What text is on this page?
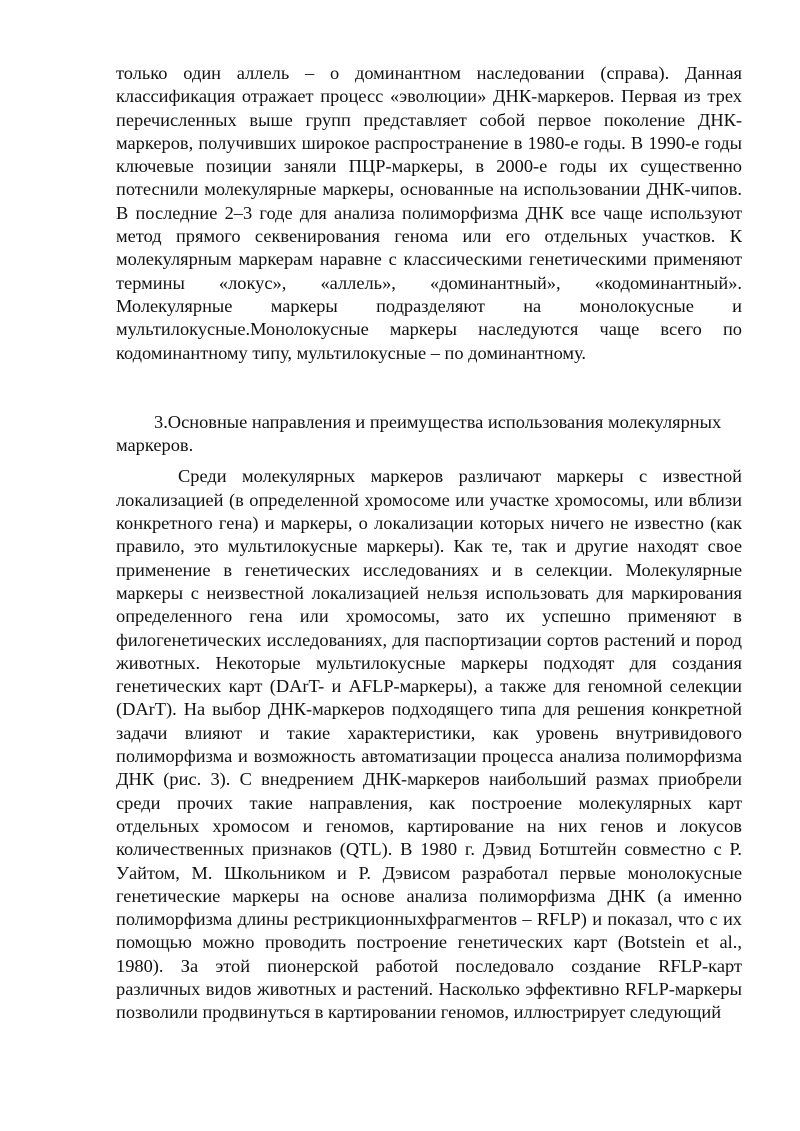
только один аллель – о доминантном наследовании (справа). Данная классификация отражает процесс «эволюции» ДНК-маркеров. Первая из трех перечисленных выше групп представляет собой первое поколение ДНК-маркеров, получивших широкое распространение в 1980-е годы. В 1990-е годы ключевые позиции заняли ПЦР-маркеры, в 2000-е годы их существенно потеснили молекулярные маркеры, основанные на использовании ДНК-чипов. В последние 2–3 годе для анализа полиморфизма ДНК все чаще используют метод прямого секвенирования генома или его отдельных участков. К молекулярным маркерам наравне с классическими генетическими применяют термины «локус», «аллель», «доминантный», «кодоминантный». Молекулярные маркеры подразделяют на монолокусные и мультилокусные.Монолокусные маркеры наследуются чаще всего по кодоминантному типу, мультилокусные – по доминантному.

3.Основные направления и преимущества использования молекулярных маркеров.

Среди молекулярных маркеров различают маркеры с известной локализацией (в определенной хромосоме или участке хромосомы, или вблизи конкретного гена) и маркеры, о локализации которых ничего не известно (как правило, это мультилокусные маркеры). Как те, так и другие находят свое применение в генетических исследованиях и в селекции. Молекулярные маркеры с неизвестной локализацией нельзя использовать для маркирования определенного гена или хромосомы, зато их успешно применяют в филогенетических исследованиях, для паспортизации сортов растений и пород животных. Некоторые мультилокусные маркеры подходят для создания генетических карт (DArT- и AFLP-маркеры), а также для геномной селекции (DArT). На выбор ДНК-маркеров подходящего типа для решения конкретной задачи влияют и такие характеристики, как уровень внутривидового полиморфизма и возможность автоматизации процесса анализа полиморфизма ДНК (рис. 3). С внедрением ДНК-маркеров наибольший размах приобрели среди прочих такие направления, как построение молекулярных карт отдельных хромосом и геномов, картирование на них генов и локусов количественных признаков (QTL). В 1980 г. Дэвид Ботштейн совместно с Р. Уайтом, М. Школьником и Р. Дэвисом разработал первые монолокусные генетические маркеры на основе анализа полиморфизма ДНК (а именно полиморфизма длины рестрикционныхфрагментов – RFLP) и показал, что с их помощью можно проводить построение генетических карт (Botstein et al., 1980). За этой пионерской работой последовало создание RFLP-карт различных видов животных и растений. Насколько эффективно RFLP-маркеры позволили продвинуться в картировании геномов, иллюстрирует следующий
